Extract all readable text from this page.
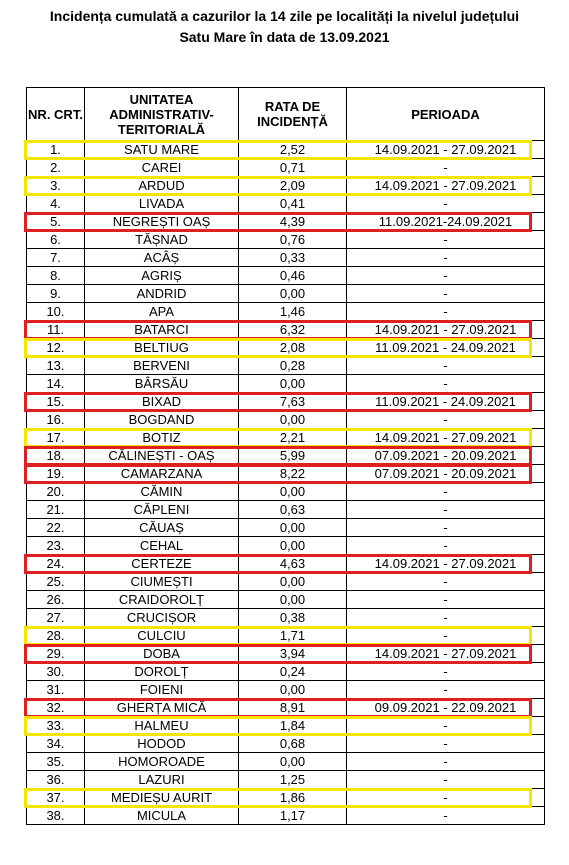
Incidența cumulată a cazurilor la 14 zile pe localități la nivelul județului
Satu Mare în data de 13.09.2021
NR. CRT.	UNITATEA ADMINISTRATIV-TERITORIALĂ	RATA DE INCIDENȚĂ	PERIOADA
1.	SATU MARE	2,52	14.09.2021 - 27.09.2021
2.	CAREI	0,71	-
3.	ARDUD	2,09	14.09.2021 - 27.09.2021
4.	LIVADA	0,41	-
5.	NEGREȘTI OAȘ	4,39	11.09.2021-24.09.2021
6.	TĂȘNAD	0,76	-
7.	ACÂȘ	0,33	-
8.	AGRIȘ	0,46	-
9.	ANDRID	0,00	-
10.	APA	1,46	-
11.	BATARCI	6,32	14.09.2021 - 27.09.2021
12.	BELTIUG	2,08	11.09.2021 - 24.09.2021
13.	BERVENI	0,28	-
14.	BÂRSĂU	0,00	-
15.	BIXAD	7,63	11.09.2021 - 24.09.2021
16.	BOGDAND	0,00	-
17.	BOTIZ	2,21	14.09.2021 - 27.09.2021
18.	CĂLINEȘTI - OAȘ	5,99	07.09.2021 - 20.09.2021
19.	CAMARZANA	8,22	07.09.2021 - 20.09.2021
20.	CĂMIN	0,00	-
21.	CĂPLENI	0,63	-
22.	CĂUAȘ	0,00	-
23.	CEHAL	0,00	-
24.	CERTEZE	4,63	14.09.2021 - 27.09.2021
25.	CIUMEȘTI	0,00	-
26.	CRAIDOROLȚ	0,00	-
27.	CRUCIȘOR	0,38	-
28.	CULCIU	1,71	-
29.	DOBA	3,94	14.09.2021 - 27.09.2021
30.	DOROLȚ	0,24	-
31.	FOIENI	0,00	-
32.	GHERȚA MICĂ	8,91	09.09.2021 - 22.09.2021
33.	HALMEU	1,84	-
34.	HODOD	0,68	-
35.	HOMOROADE	0,00	-
36.	LAZURI	1,25	-
37.	MEDIEȘU AURIT	1,86	-
38.	MICULA	1,17	-
